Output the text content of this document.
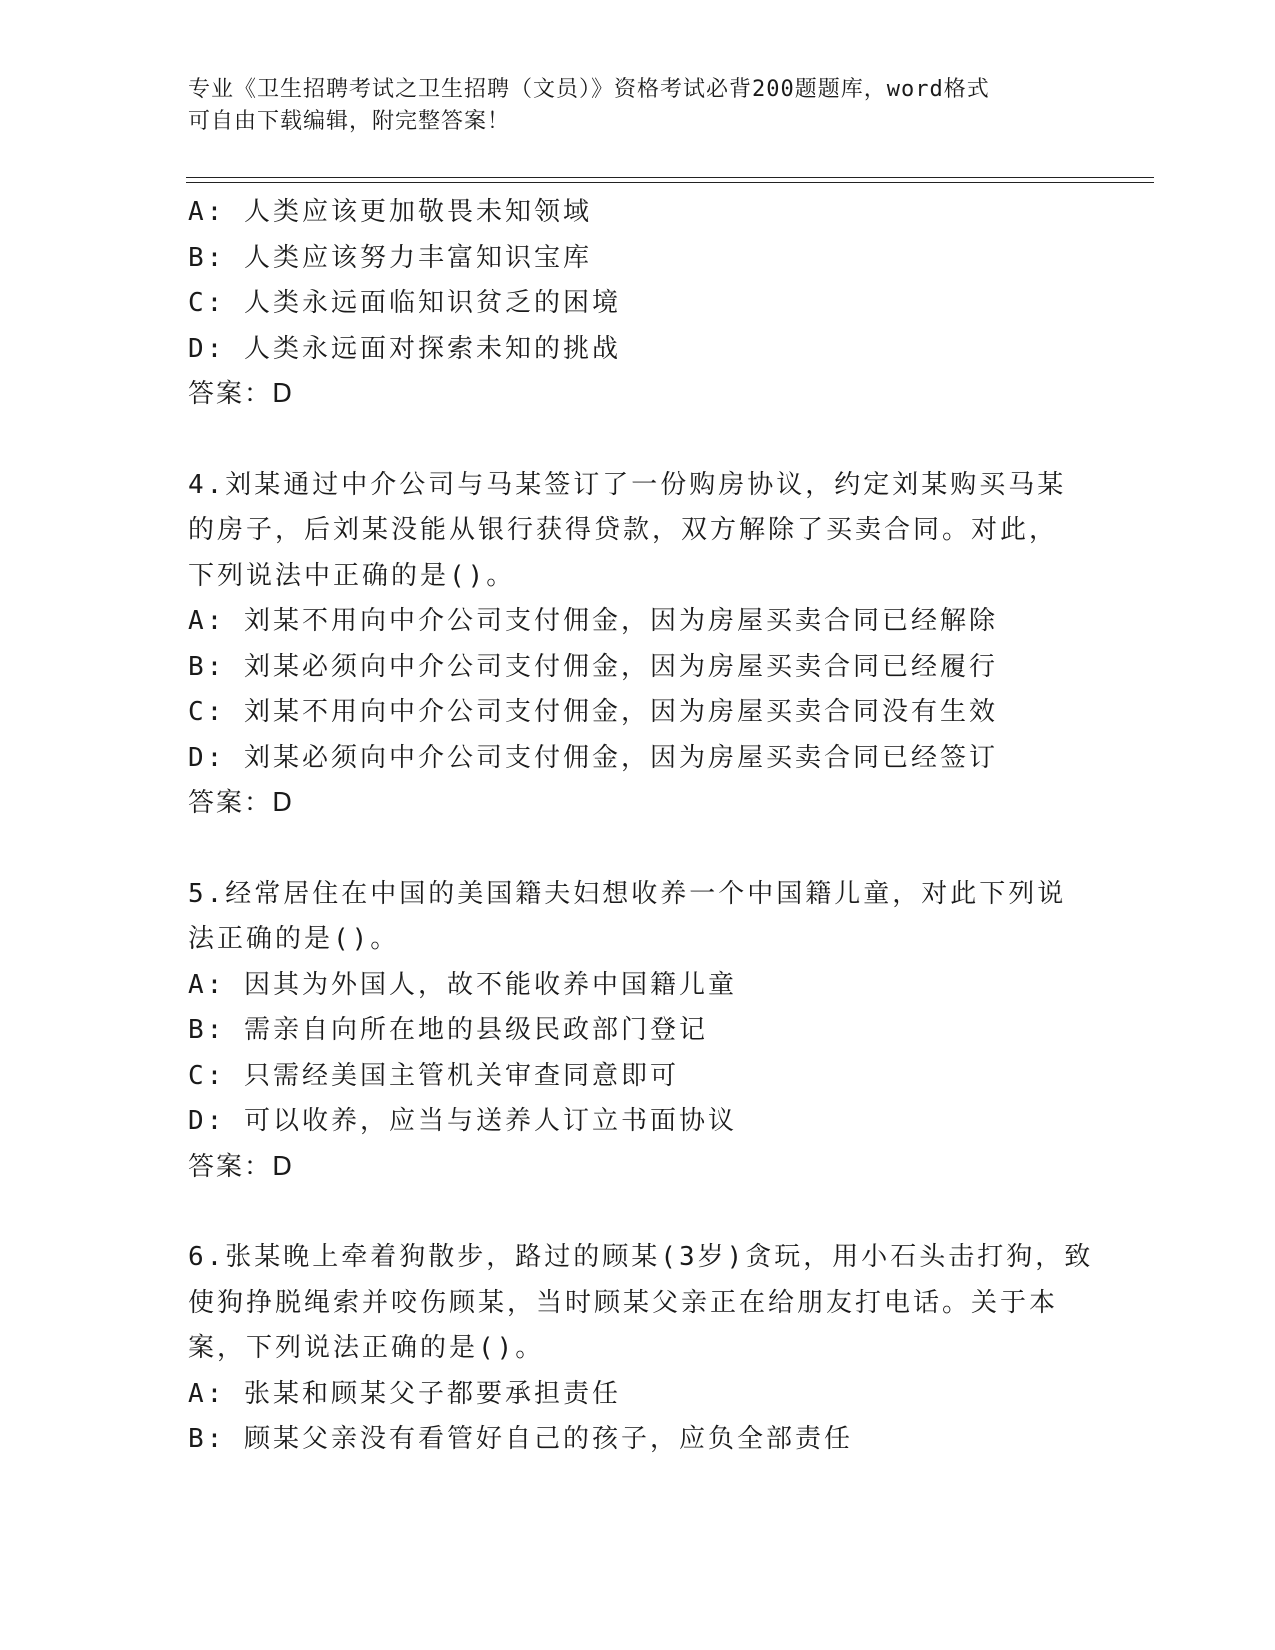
专业《卫生招聘考试之卫生招聘（文员）》资格考试必背200题题库，word格式
可自由下载编辑，附完整答案！
A: 人类应该更加敬畏未知领域
B: 人类应该努力丰富知识宝库
C: 人类永远面临知识贫乏的困境
D: 人类永远面对探索未知的挑战
答案：D
4.刘某通过中介公司与马某签订了一份购房协议，约定刘某购买马某
的房子，后刘某没能从银行获得贷款，双方解除了买卖合同。对此，
下列说法中正确的是()。
A: 刘某不用向中介公司支付佣金，因为房屋买卖合同已经解除
B: 刘某必须向中介公司支付佣金，因为房屋买卖合同已经履行
C: 刘某不用向中介公司支付佣金，因为房屋买卖合同没有生效
D: 刘某必须向中介公司支付佣金，因为房屋买卖合同已经签订
答案：D
5.经常居住在中国的美国籍夫妇想收养一个中国籍儿童，对此下列说
法正确的是()。
A: 因其为外国人，故不能收养中国籍儿童
B: 需亲自向所在地的县级民政部门登记
C: 只需经美国主管机关审查同意即可
D: 可以收养，应当与送养人订立书面协议
答案：D
6.张某晚上牵着狗散步，路过的顾某(3岁)贪玩，用小石头击打狗，致
使狗挣脱绳索并咬伤顾某，当时顾某父亲正在给朋友打电话。关于本
案，下列说法正确的是()。
A: 张某和顾某父子都要承担责任
B: 顾某父亲没有看管好自己的孩子，应负全部责任
